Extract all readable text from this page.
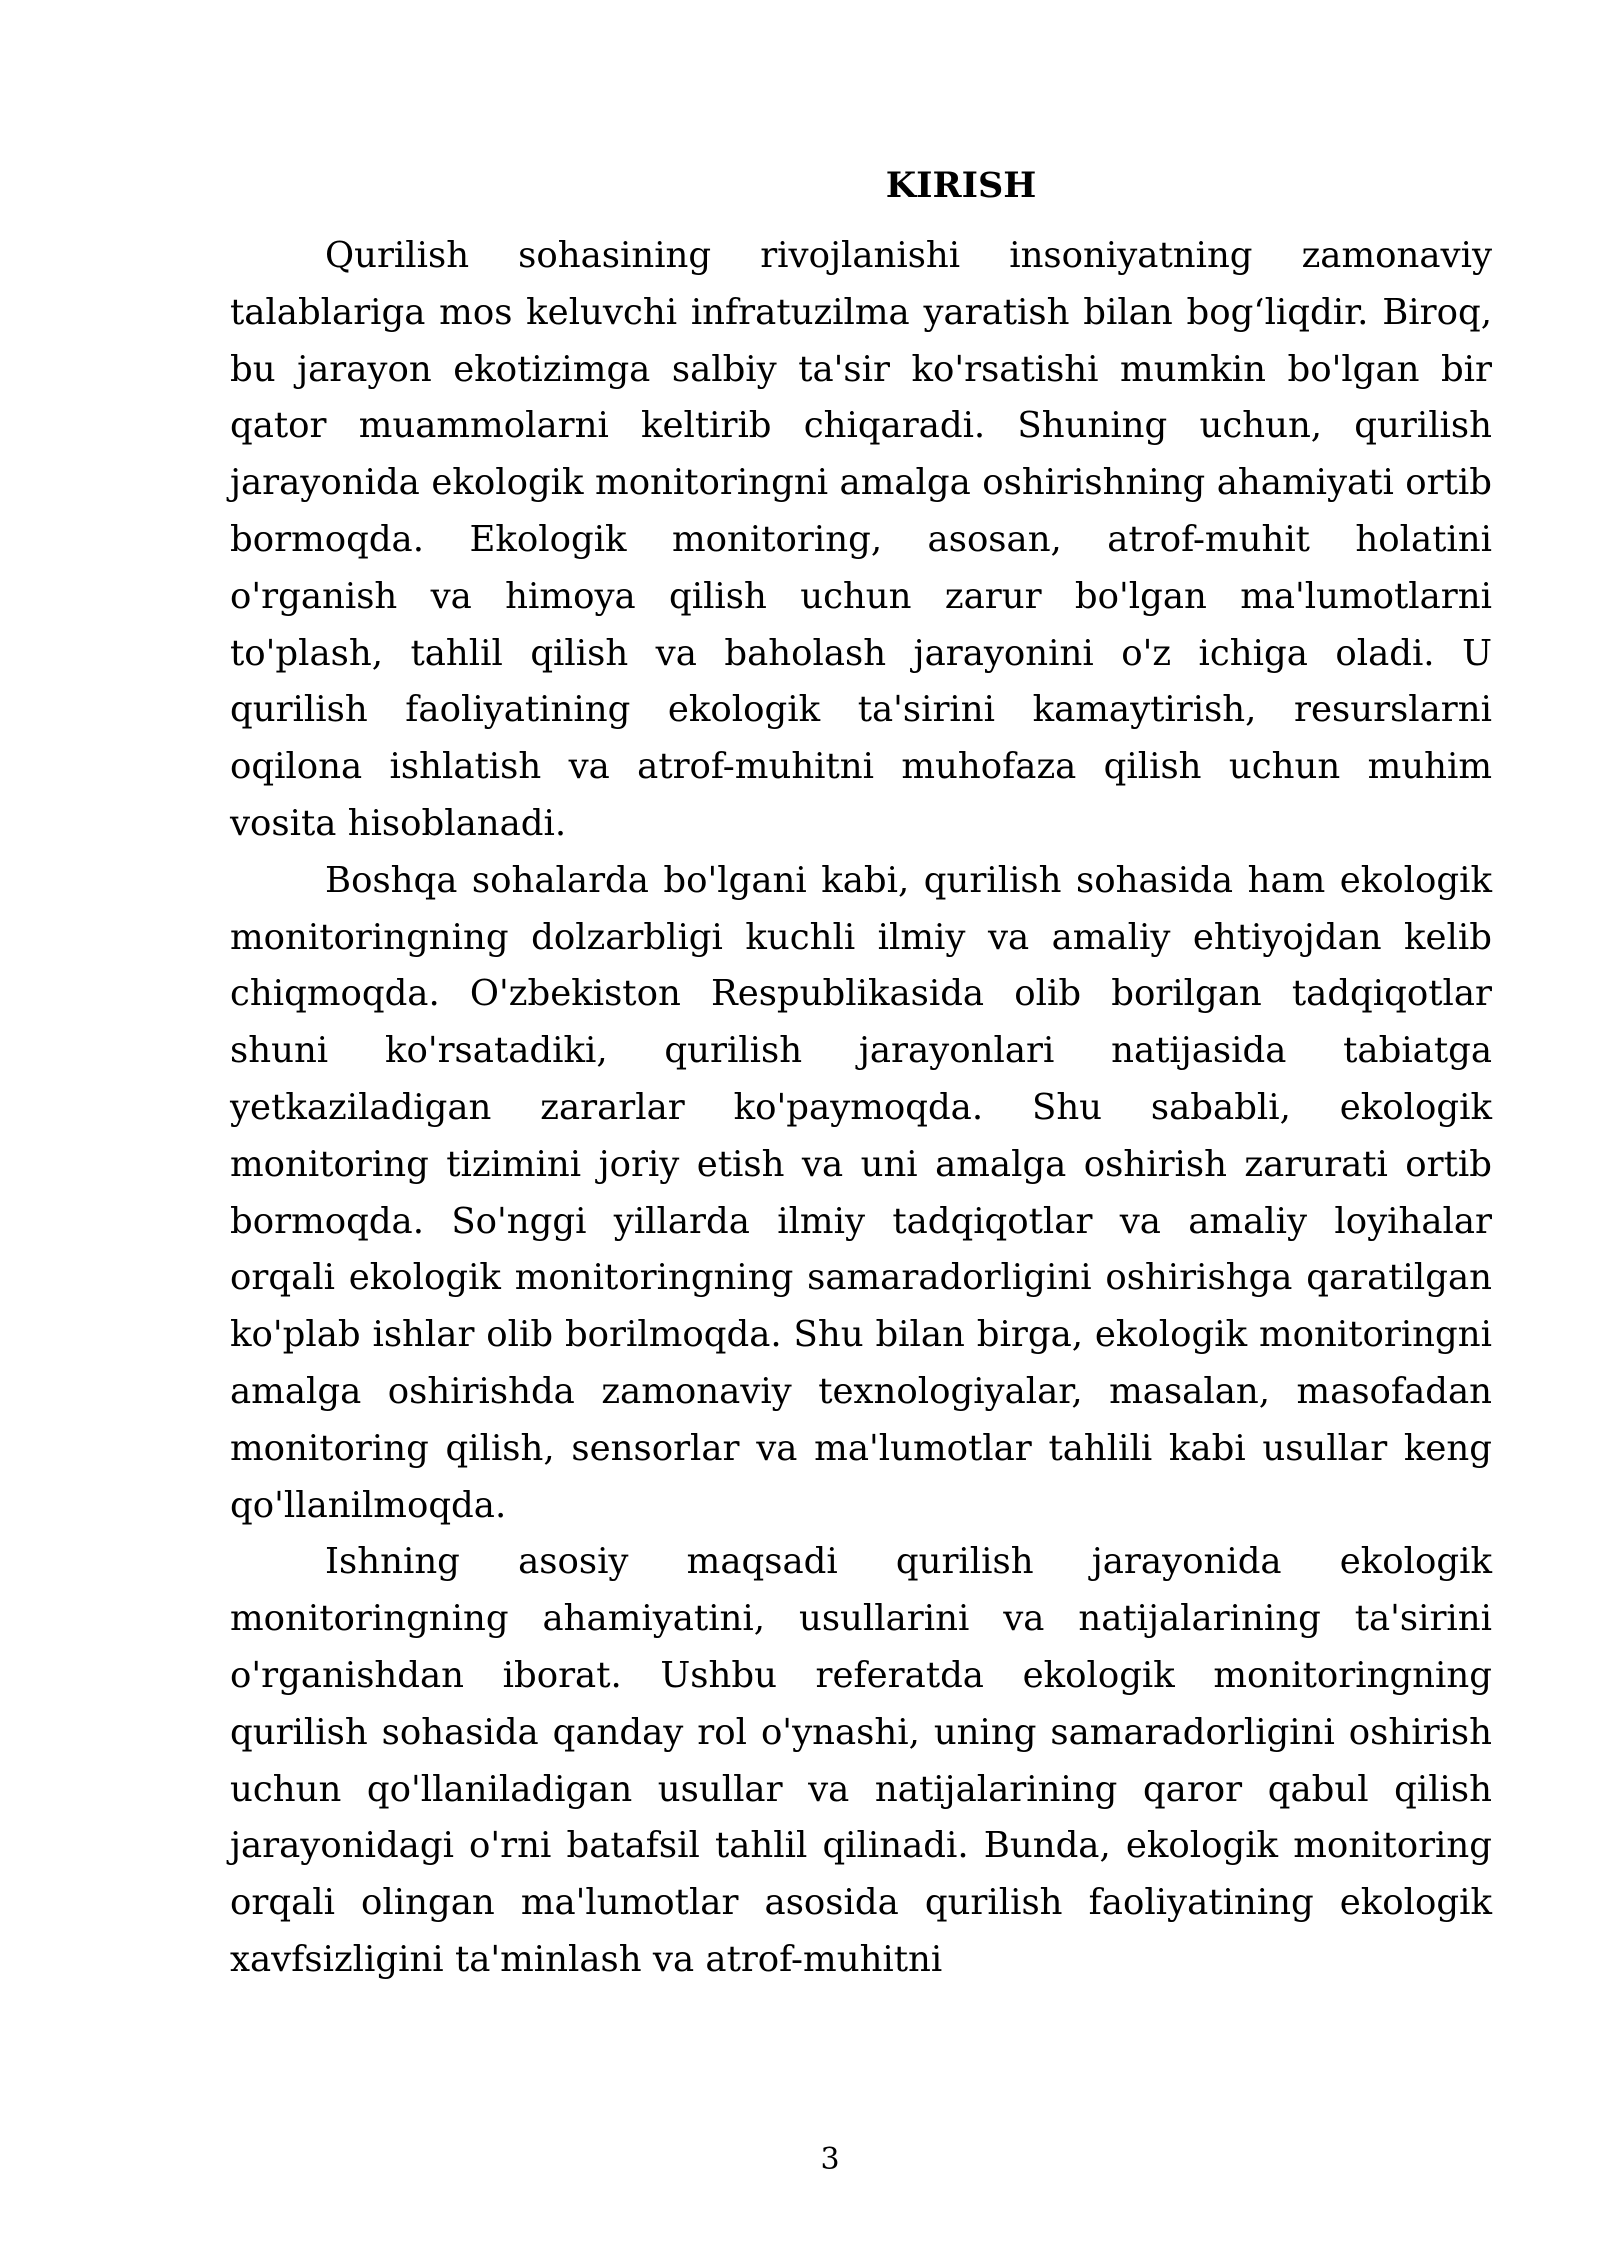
KIRISH

Qurilish sohasining rivojlanishi insoniyatning zamonaviy talablariga mos keluvchi infratuzilma yaratish bilan bog‘liqdir. Biroq, bu jarayon ekotizimga salbiy ta'sir ko'rsatishi mumkin bo'lgan bir qator muammolarni keltirib chiqaradi. Shuning uchun, qurilish jarayonida ekologik monitoringni amalga oshirishning ahamiyati ortib bormoqda. Ekologik monitoring, asosan, atrof-muhit holatini o'rganish va himoya qilish uchun zarur bo'lgan ma'lumotlarni to'plash, tahlil qilish va baholash jarayonini o'z ichiga oladi. U qurilish faoliyatining ekologik ta'sirini kamaytirish, resurslarni oqilona ishlatish va atrof-muhitni muhofaza qilish uchun muhim vosita hisoblanadi.

Boshqa sohalarda bo'lgani kabi, qurilish sohasida ham ekologik monitoringning dolzarbligi kuchli ilmiy va amaliy ehtiyojdan kelib chiqmoqda. O'zbekiston Respublikasida olib borilgan tadqiqotlar shuni ko'rsatadiki, qurilish jarayonlari natijasida tabiatga yetkaziladigan zararlar ko'paymoqda. Shu sababli, ekologik monitoring tizimini joriy etish va uni amalga oshirish zarurati ortib bormoqda. So'nggi yillarda ilmiy tadqiqotlar va amaliy loyihalar orqali ekologik monitoringning samaradorligini oshirishga qaratilgan ko'plab ishlar olib borilmoqda. Shu bilan birga, ekologik monitoringni amalga oshirishda zamonaviy texnologiyalar, masalan, masofadan monitoring qilish, sensorlar va ma'lumotlar tahlili kabi usullar keng qo'llanilmoqda.

Ishning asosiy maqsadi qurilish jarayonida ekologik monitoringning ahamiyatini, usullarini va natijalarining ta'sirini o'rganishdan iborat. Ushbu referatda ekologik monitoringning qurilish sohasida qanday rol o'ynashi, uning samaradorligini oshirish uchun qo'llaniladigan usullar va natijalarining qaror qabul qilish jarayonidagi o'rni batafsil tahlil qilinadi. Bunda, ekologik monitoring orqali olingan ma'lumotlar asosida qurilish faoliyatining ekologik xavfsizligini ta'minlash va atrof-muhitni

3
